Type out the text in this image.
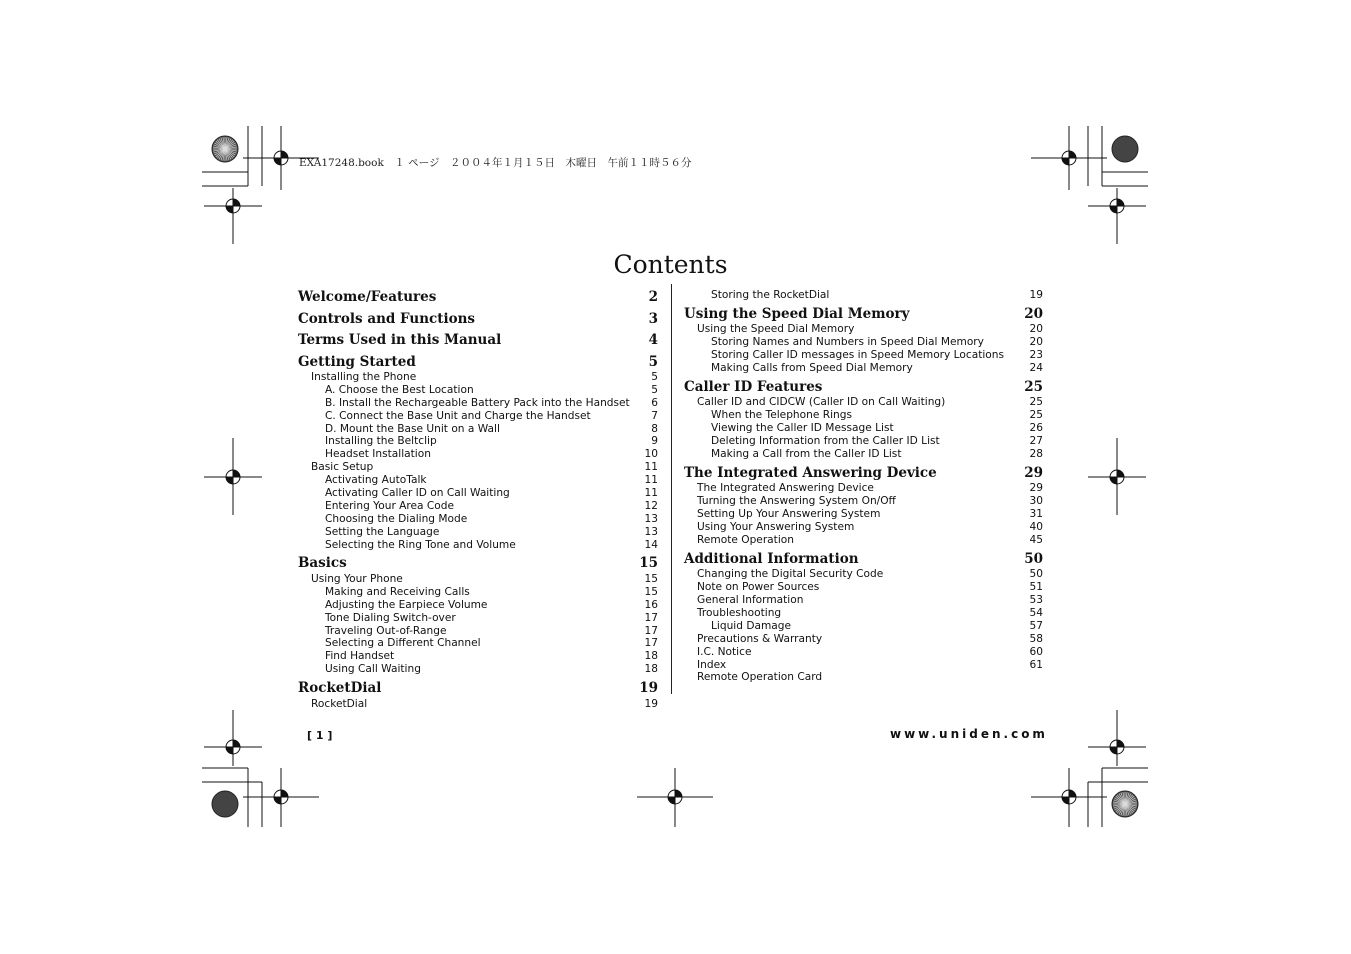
EXA17248.book　１ ページ　２００４年１月１５日　木曜日　午前１１時５６分
Contents
Welcome/Features	2
Controls and Functions	3
Terms Used in this Manual	4
Getting Started	5
Installing the Phone	5
A. Choose the Best Location	5
B. Install the Rechargeable Battery Pack into the Handset 6
C. Connect the Base Unit and Charge the Handset	7
D. Mount the Base Unit on a Wall	8
Installing the Beltclip	9
Headset Installation	10
Basic Setup	11
Activating AutoTalk	11
Activating Caller ID on Call Waiting	11
Entering Your Area Code	12
Choosing the Dialing Mode	13
Setting the Language	13
Selecting the Ring Tone and Volume	14
Basics	15
Using Your Phone	15
Making and Receiving Calls	15
Adjusting the Earpiece Volume	16
Tone Dialing Switch-over	17
Traveling Out-of-Range	17
Selecting a Different Channel	17
Find Handset	18
Using Call Waiting	18
RocketDial	19
RocketDial	19
Storing the RocketDial	19
Using the Speed Dial Memory	20
Using the Speed Dial Memory	20
Storing Names and Numbers in Speed Dial Memory	20
Storing Caller ID messages in Speed Memory Locations 23
Making Calls from Speed Dial Memory	24
Caller ID Features	25
Caller ID and CIDCW (Caller ID on Call Waiting)	25
When the Telephone Rings	25
Viewing the Caller ID Message List	26
Deleting Information from the Caller ID List	27
Making a Call from the Caller ID List	28
The Integrated Answering Device	29
The Integrated Answering Device	29
Turning the Answering System On/Off	30
Setting Up Your Answering System	31
Using Your Answering System	40
Remote Operation	45
Additional Information	50
Changing the Digital Security Code	50
Note on Power Sources	51
General Information	53
Troubleshooting	54
Liquid Damage	57
Precautions & Warranty	58
I.C. Notice	60
Index	61
Remote Operation Card
[ 1 ]	www.uniden.com
